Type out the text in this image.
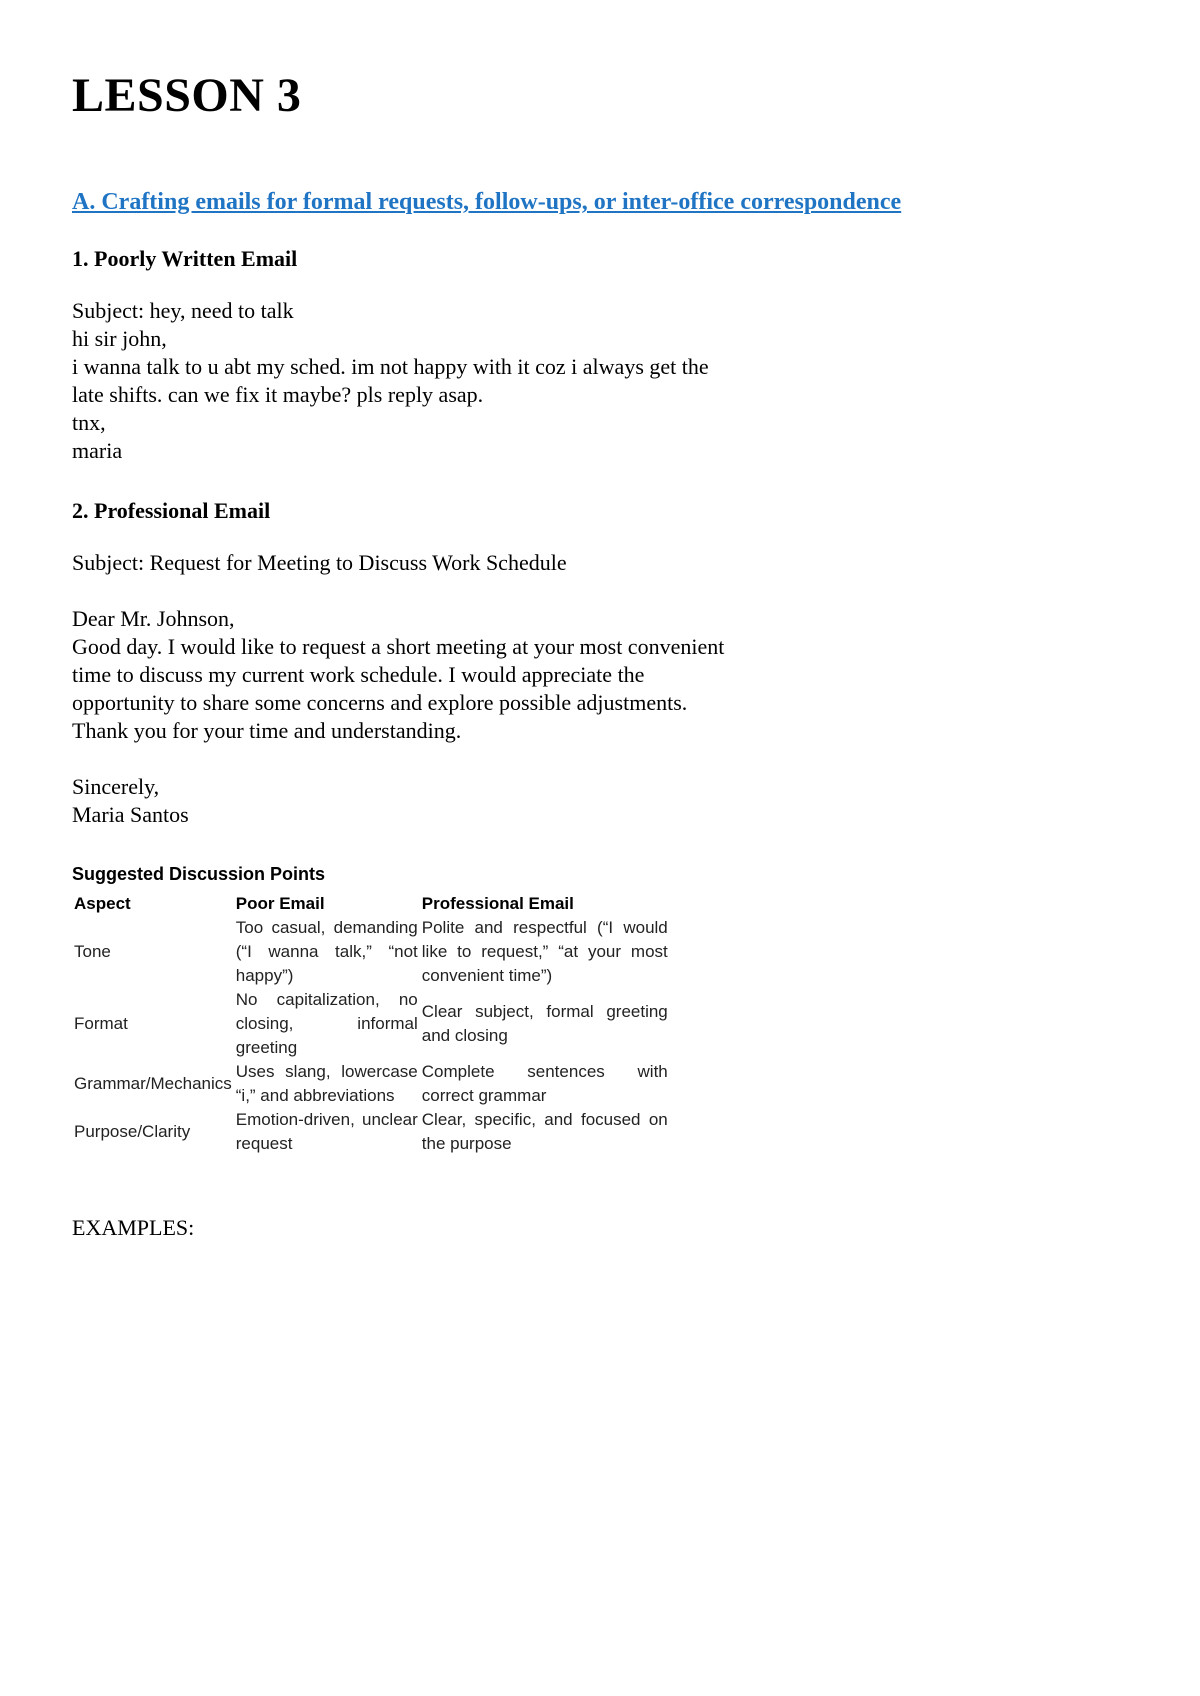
LESSON 3
A. Crafting emails for formal requests, follow-ups, or inter-office correspondence
1. Poorly Written Email
Subject: hey, need to talk
hi sir john,
i wanna talk to u abt my sched. im not happy with it coz i always get the
late shifts. can we fix it maybe? pls reply asap.
tnx,
maria
2. Professional Email
Subject: Request for Meeting to Discuss Work Schedule
Dear Mr. Johnson,
Good day. I would like to request a short meeting at your most convenient
time to discuss my current work schedule. I would appreciate the
opportunity to share some concerns and explore possible adjustments.
Thank you for your time and understanding.
Sincerely,
Maria Santos
Suggested Discussion Points
Aspect	Poor Email	Professional Email
Tone	Too casual, demanding (“I wanna talk,” “not happy”)	Polite and respectful (“I would like to request,” “at your most convenient time”)
Format	No capitalization, no closing, informal greeting	Clear subject, formal greeting and closing
Grammar/Mechanics	Uses slang, lowercase “i,” and abbreviations	Complete sentences with correct grammar
Purpose/Clarity	Emotion-driven, unclear request	Clear, specific, and focused on the purpose
EXAMPLES:
